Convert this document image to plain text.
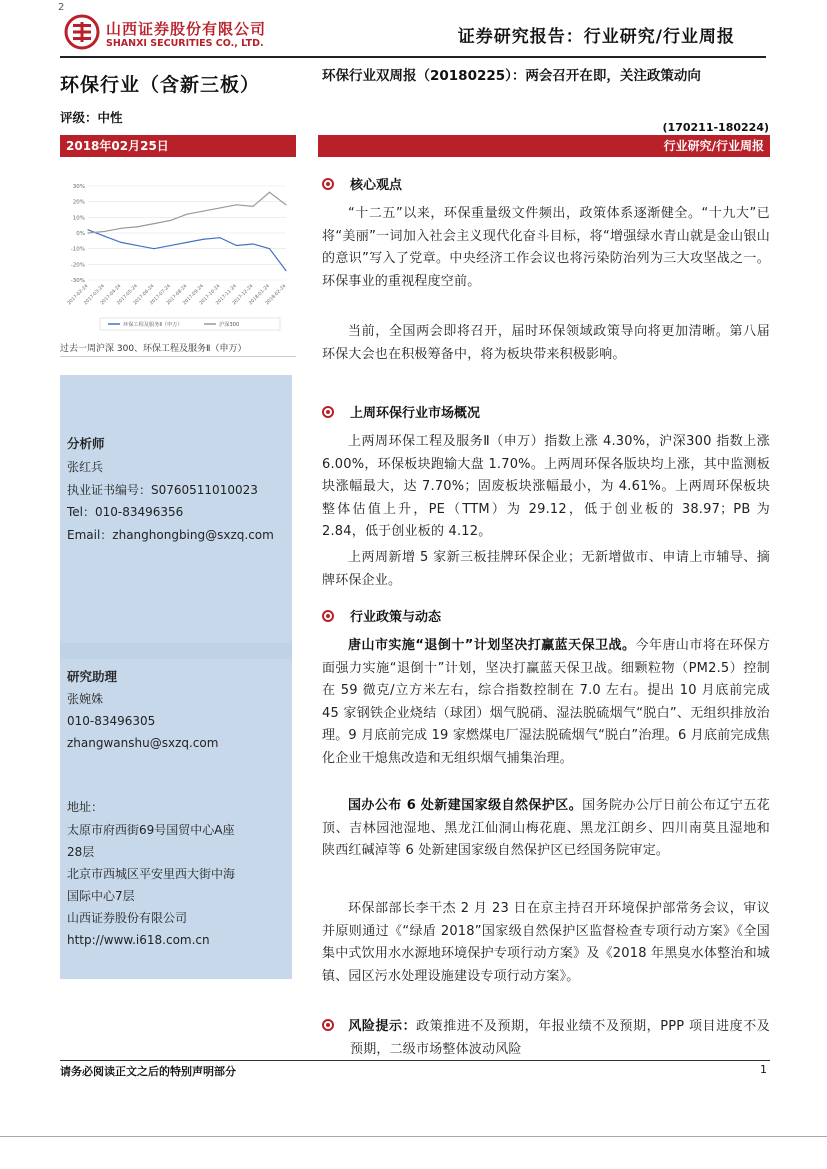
2
山西证券股份有限公司
SHANXI SECURITIES CO., LTD.	证券研究报告：行业研究/行业周报
环保行业（含新三板）
评级：中性
2018年02月25日
环保行业双周报（20180225）：两会召开在即，关注政策动向
(170211-180224)
行业研究/行业周报
30%
20%
10%
0%
-10%
-20%
-30%
2017-02-24
2017-03-24
2017-04-24
2017-05-24
2017-06-24
2017-07-24
2017-08-24
2017-09-24
2017-10-24
2017-11-24
2017-12-24
2018-01-24
2018-02-24
环保工程及服务Ⅱ（申万）	沪深300
过去一周沪深 300、环保工程及服务Ⅱ（申万）
分析师
张红兵
执业证书编号：S0760511010023
Tel：010-83496356
Email：zhanghongbing@sxzq.com
研究助理
张婉姝
010-83496305
zhangwanshu@sxzq.com
地址：
太原市府西街69号国贸中心A座
28层
北京市西城区平安里西大街中海
国际中心7层
山西证券股份有限公司
http://www.i618.com.cn
核心观点
“十二五”以来，环保重量级文件频出，政策体系逐渐健全。“十九大”已将“美丽”一词加入社会主义现代化奋斗目标，将“增强绿水青山就是金山银山的意识”写入了党章。中央经济工作会议也将污染防治列为三大攻坚战之一。环保事业的重视程度空前。
当前，全国两会即将召开，届时环保领域政策导向将更加清晰。第八届环保大会也在积极筹备中，将为板块带来积极影响。
上周环保行业市场概况
上两周环保工程及服务Ⅱ（申万）指数上涨 4.30%，沪深300 指数上涨 6.00%，环保板块跑输大盘 1.70%。上两周环保各版块均上涨，其中监测板块涨幅最大，达 7.70%；固废板块涨幅最小，为 4.61%。上两周环保板块整体估值上升，PE（TTM）为 29.12，低于创业板的 38.97；PB 为 2.84，低于创业板的 4.12。
上两周新增 5 家新三板挂牌环保企业；无新增做市、申请上市辅导、摘牌环保企业。
行业政策与动态
唐山市实施“退倒十”计划坚决打赢蓝天保卫战。今年唐山市将在环保方面强力实施“退倒十”计划，坚决打赢蓝天保卫战。细颗粒物（PM2.5）控制在 59 微克/立方米左右，综合指数控制在 7.0 左右。提出 10 月底前完成 45 家钢铁企业烧结（球团）烟气脱硝、湿法脱硫烟气“脱白”、无组织排放治理。9 月底前完成 19 家燃煤电厂湿法脱硫烟气“脱白”治理。6 月底前完成焦化企业干熄焦改造和无组织烟气捕集治理。
国办公布 6 处新建国家级自然保护区。国务院办公厅日前公布辽宁五花顶、吉林园池湿地、黑龙江仙洞山梅花鹿、黑龙江朗乡、四川南莫且湿地和陕西红碱淖等 6 处新建国家级自然保护区已经国务院审定。
环保部部长李干杰 2 月 23 日在京主持召开环境保护部常务会议，审议并原则通过《“绿盾 2018”国家级自然保护区监督检查专项行动方案》《全国集中式饮用水水源地环境保护专项行动方案》及《2018 年黑臭水体整治和城镇、园区污水处理设施建设专项行动方案》。
风险提示：政策推进不及预期，年报业绩不及预期，PPP 项目进度不及预期，二级市场整体波动风险
请务必阅读正文之后的特别声明部分	1
